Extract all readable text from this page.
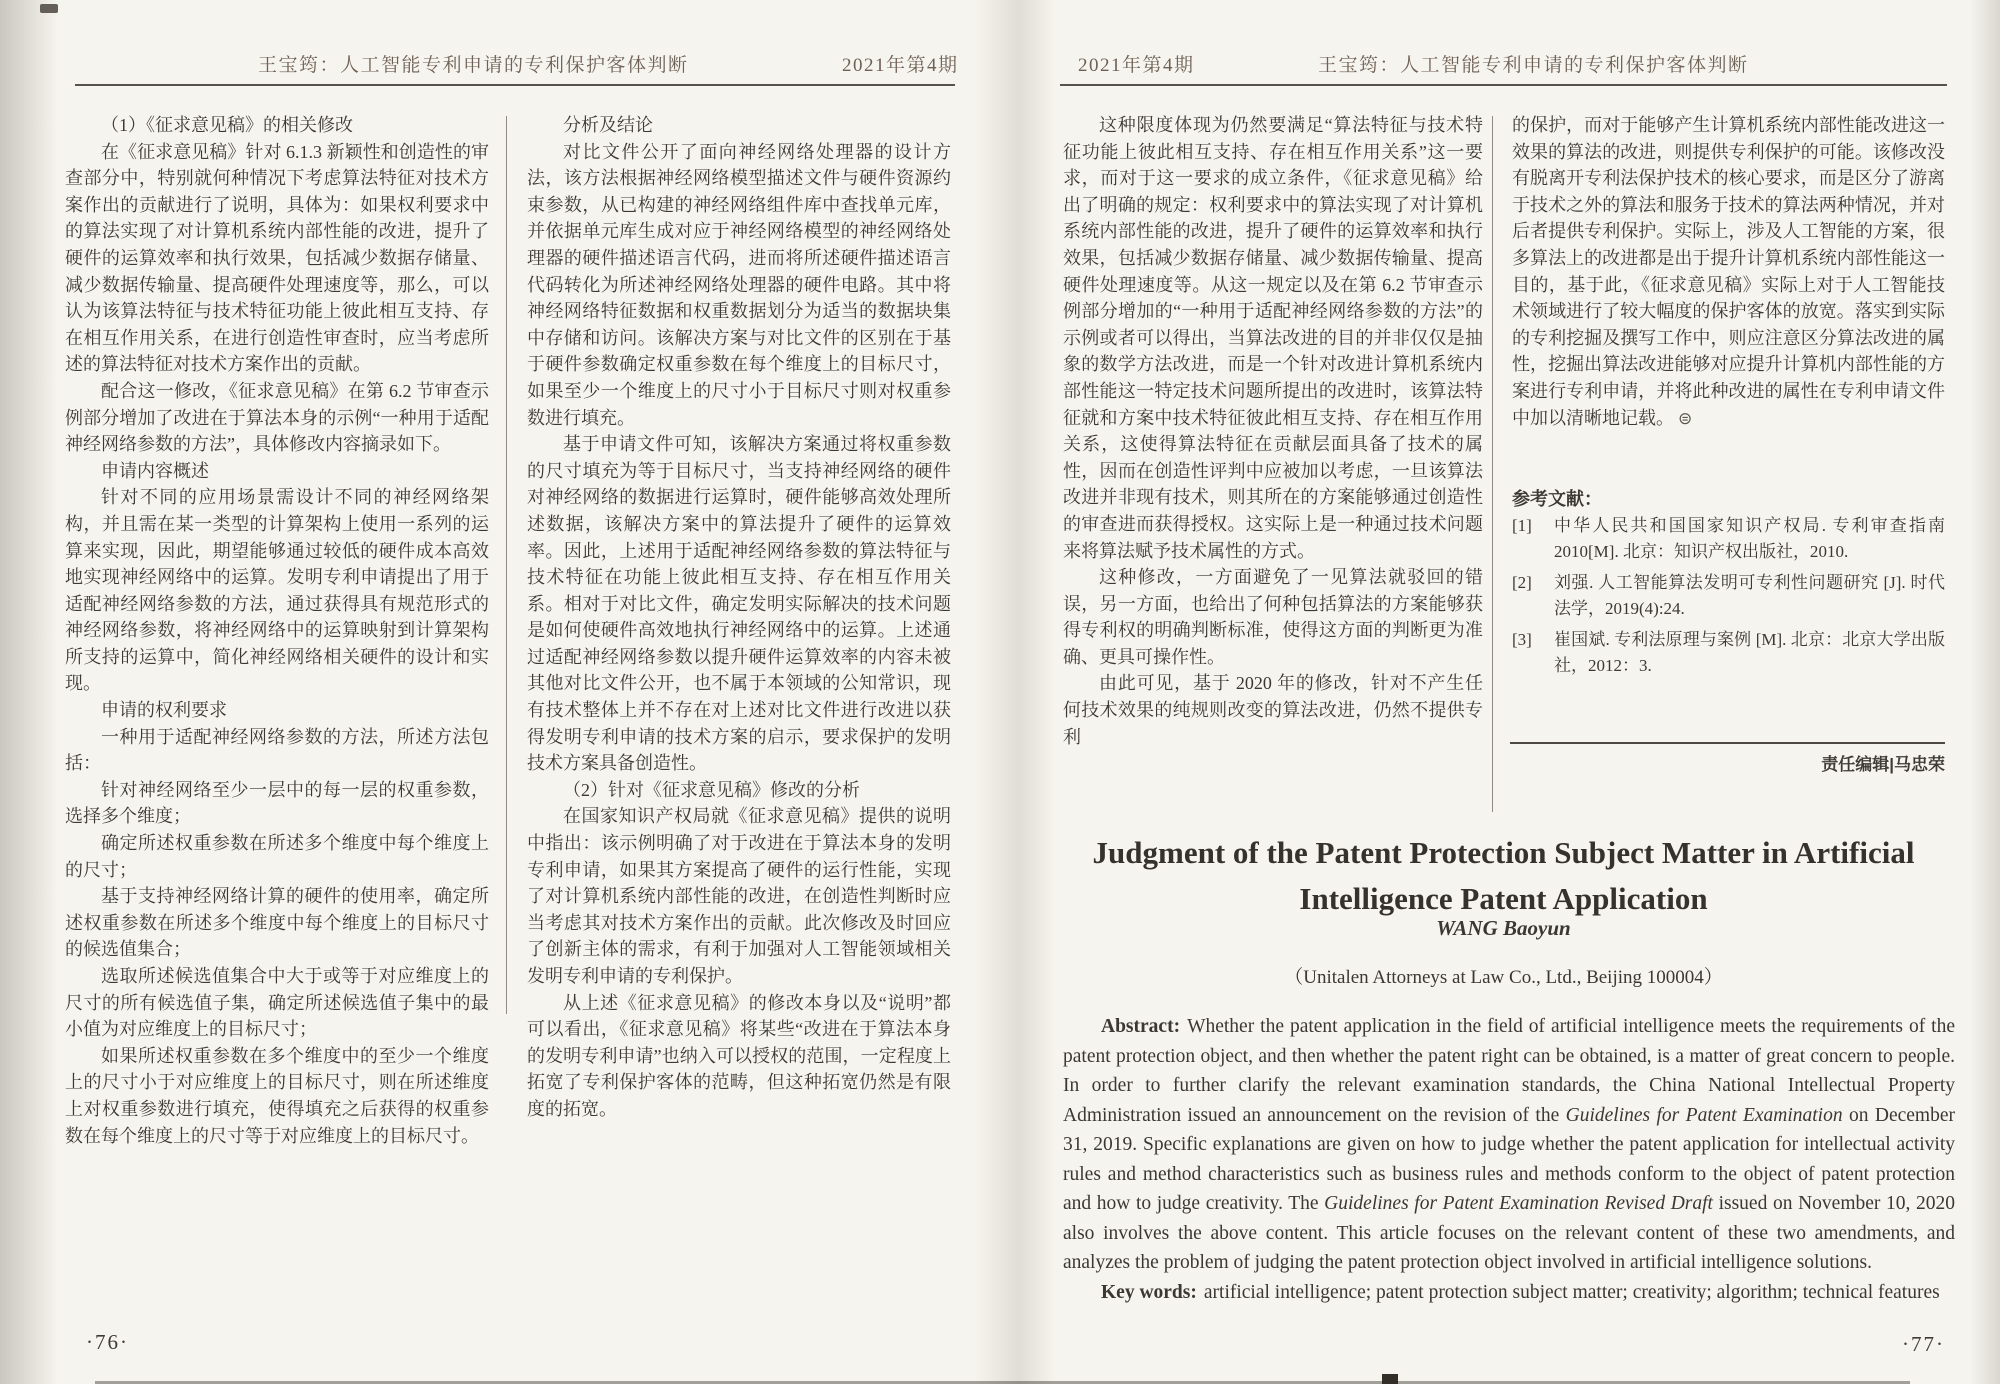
王宝筠：人工智能专利申请的专利保护客体判断	2021年第4期

（1）《征求意见稿》的相关修改

在《征求意见稿》针对 6.1.3 新颖性和创造性的审查部分中，特别就何种情况下考虑算法特征对技术方案作出的贡献进行了说明，具体为：如果权利要求中的算法实现了对计算机系统内部性能的改进，提升了硬件的运算效率和执行效果，包括减少数据存储量、减少数据传输量、提高硬件处理速度等，那么，可以认为该算法特征与技术特征功能上彼此相互支持、存在相互作用关系，在进行创造性审查时，应当考虑所述的算法特征对技术方案作出的贡献。

配合这一修改，《征求意见稿》在第 6.2 节审查示例部分增加了改进在于算法本身的示例“一种用于适配神经网络参数的方法”，具体修改内容摘录如下。

申请内容概述

针对不同的应用场景需设计不同的神经网络架构，并且需在某一类型的计算架构上使用一系列的运算来实现，因此，期望能够通过较低的硬件成本高效地实现神经网络中的运算。发明专利申请提出了用于适配神经网络参数的方法，通过获得具有规范形式的神经网络参数，将神经网络中的运算映射到计算架构所支持的运算中，简化神经网络相关硬件的设计和实现。

申请的权利要求

一种用于适配神经网络参数的方法，所述方法包括：

针对神经网络至少一层中的每一层的权重参数，选择多个维度；

确定所述权重参数在所述多个维度中每个维度上的尺寸；

基于支持神经网络计算的硬件的使用率，确定所述权重参数在所述多个维度中每个维度上的目标尺寸的候选值集合；

选取所述候选值集合中大于或等于对应维度上的尺寸的所有候选值子集，确定所述候选值子集中的最小值为对应维度上的目标尺寸；

如果所述权重参数在多个维度中的至少一个维度上的尺寸小于对应维度上的目标尺寸，则在所述维度上对权重参数进行填充，使得填充之后获得的权重参数在每个维度上的尺寸等于对应维度上的目标尺寸。

分析及结论

对比文件公开了面向神经网络处理器的设计方法，该方法根据神经网络模型描述文件与硬件资源约束参数，从已构建的神经网络组件库中查找单元库，并依据单元库生成对应于神经网络模型的神经网络处理器的硬件描述语言代码，进而将所述硬件描述语言代码转化为所述神经网络处理器的硬件电路。其中将神经网络特征数据和权重数据划分为适当的数据块集中存储和访问。该解决方案与对比文件的区别在于基于硬件参数确定权重参数在每个维度上的目标尺寸，如果至少一个维度上的尺寸小于目标尺寸则对权重参数进行填充。

基于申请文件可知，该解决方案通过将权重参数的尺寸填充为等于目标尺寸，当支持神经网络的硬件对神经网络的数据进行运算时，硬件能够高效处理所述数据，该解决方案中的算法提升了硬件的运算效率。因此，上述用于适配神经网络参数的算法特征与技术特征在功能上彼此相互支持、存在相互作用关系。相对于对比文件，确定发明实际解决的技术问题是如何使硬件高效地执行神经网络中的运算。上述通过适配神经网络参数以提升硬件运算效率的内容未被其他对比文件公开，也不属于本领域的公知常识，现有技术整体上并不存在对上述对比文件进行改进以获得发明专利申请的技术方案的启示，要求保护的发明技术方案具备创造性。

（2）针对《征求意见稿》修改的分析

在国家知识产权局就《征求意见稿》提供的说明中指出：该示例明确了对于改进在于算法本身的发明专利申请，如果其方案提高了硬件的运行性能，实现了对计算机系统内部性能的改进，在创造性判断时应当考虑其对技术方案作出的贡献。此次修改及时回应了创新主体的需求，有利于加强对人工智能领域相关发明专利申请的专利保护。

从上述《征求意见稿》的修改本身以及“说明”都可以看出，《征求意见稿》将某些“改进在于算法本身的发明专利申请”也纳入可以授权的范围，一定程度上拓宽了专利保护客体的范畴，但这种拓宽仍然是有限度的拓宽。

·76·
2021年第4期	王宝筠：人工智能专利申请的专利保护客体判断

这种限度体现为仍然要满足“算法特征与技术特征功能上彼此相互支持、存在相互作用关系”这一要求，而对于这一要求的成立条件，《征求意见稿》给出了明确的规定：权利要求中的算法实现了对计算机系统内部性能的改进，提升了硬件的运算效率和执行效果，包括减少数据存储量、减少数据传输量、提高硬件处理速度等。从这一规定以及在第 6.2 节审查示例部分增加的“一种用于适配神经网络参数的方法”的示例或者可以得出，当算法改进的目的并非仅仅是抽象的数学方法改进，而是一个针对改进计算机系统内部性能这一特定技术问题所提出的改进时，该算法特征就和方案中技术特征彼此相互支持、存在相互作用关系，这使得算法特征在贡献层面具备了技术的属性，因而在创造性评判中应被加以考虑，一旦该算法改进并非现有技术，则其所在的方案能够通过创造性的审查进而获得授权。这实际上是一种通过技术问题来将算法赋予技术属性的方式。

这种修改，一方面避免了一见算法就驳回的错误，另一方面，也给出了何种包括算法的方案能够获得专利权的明确判断标准，使得这方面的判断更为准确、更具可操作性。

由此可见，基于 2020 年的修改，针对不产生任何技术效果的纯规则改变的算法改进，仍然不提供专利

的保护，而对于能够产生计算机系统内部性能改进这一效果的算法的改进，则提供专利保护的可能。该修改没有脱离开专利法保护技术的核心要求，而是区分了游离于技术之外的算法和服务于技术的算法两种情况，并对后者提供专利保护。实际上，涉及人工智能的方案，很多算法上的改进都是出于提升计算机系统内部性能这一目的，基于此，《征求意见稿》实际上对于人工智能技术领域进行了较大幅度的保护客体的放宽。落实到实际的专利挖掘及撰写工作中，则应注意区分算法改进的属性，挖掘出算法改进能够对应提升计算机内部性能的方案进行专利申请，并将此种改进的属性在专利申请文件中加以清晰地记载。 ⊜

参考文献：

[1] 中华人民共和国国家知识产权局. 专利审查指南 2010[M]. 北京：知识产权出版社，2010.
[2] 刘强. 人工智能算法发明可专利性问题研究 [J]. 时代法学，2019(4):24.
[3] 崔国斌. 专利法原理与案例 [M]. 北京：北京大学出版社，2012：3.
责任编辑|马忠荣
Judgment of the Patent Protection Subject Matter in Artificial
Intelligence Patent Application
WANG Baoyun
（Unitalen Attorneys at Law Co., Ltd., Beijing 100004）

Abstract: Whether the patent application in the field of artificial intelligence meets the requirements of the patent protection object, and then whether the patent right can be obtained, is a matter of great concern to people. In order to further clarify the relevant examination standards, the China National Intellectual Property Administration issued an announcement on the revision of the Guidelines for Patent Examination on December 31, 2019. Specific explanations are given on how to judge whether the patent application for intellectual activity rules and method characteristics such as business rules and methods conform to the object of patent protection and how to judge creativity. The Guidelines for Patent Examination Revised Draft issued on November 10, 2020 also involves the above content. This article focuses on the relevant content of these two amendments, and analyzes the problem of judging the patent protection object involved in artificial intelligence solutions.

Key words: artificial intelligence; patent protection subject matter; creativity; algorithm; technical features

·77·
